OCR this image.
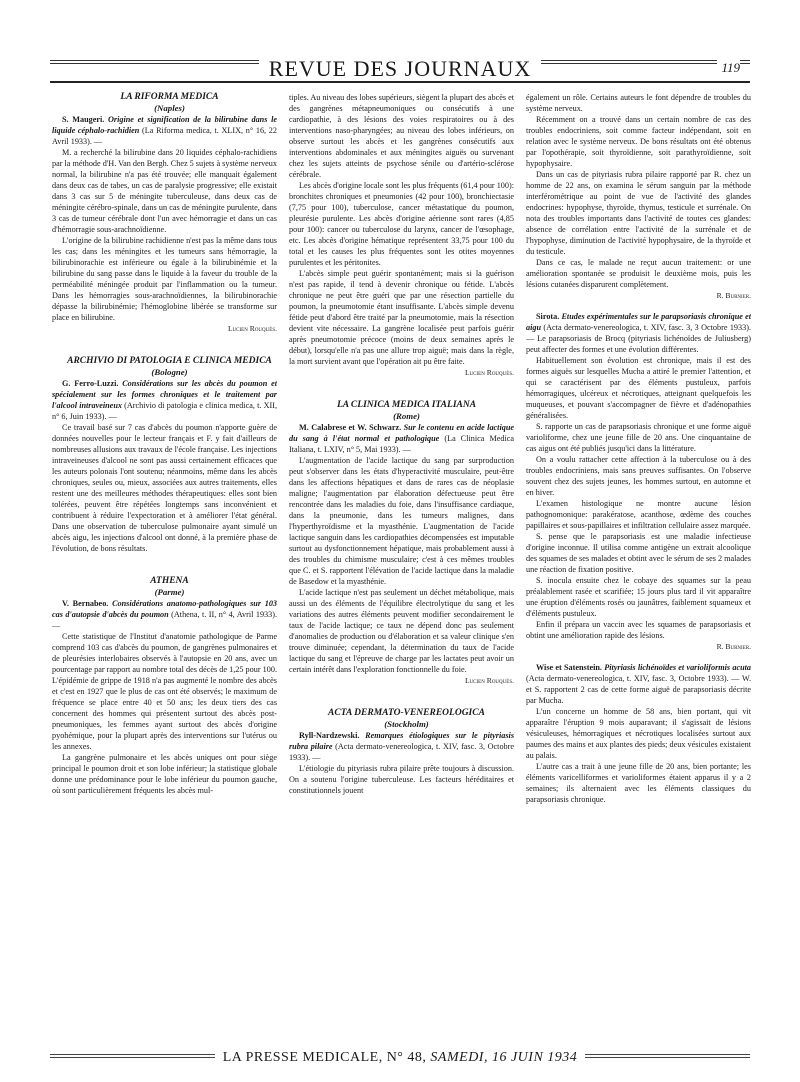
REVUE DES JOURNAUX	119

LA RIFORMA MEDICA

(Naples)

S. Maugeri. Origine et signification de la bilirubine dans le liquide céphalo-rachidien (La Riforma medica, t. XLIX, n° 16, 22 Avril 1933). —

M. a recherché la bilirubine dans 20 liquides céphalo-rachidiens par la méthode d'H. Van den Bergh. Chez 5 sujets à système nerveux normal, la bilirubine n'a pas été trouvée; elle manquait également dans deux cas de tabes, un cas de paralysie progressive; elle existait dans 3 cas sur 5 de méningite tuberculeuse, dans deux cas de méningite cérébro-spinale, dans un cas de méningite purulente, dans 3 cas de tumeur cérébrale dont l'un avec hémorragie et dans un cas d'hémorragie sous-arachnoïdienne.

L'origine de la bilirubine rachidienne n'est pas la même dans tous les cas; dans les méningites et les tumeurs sans hémorragie, la bilirubinorachie est inférieure ou égale à la bilirubinémie et la bilirubine du sang passe dans le liquide à la faveur du trouble de la perméabilité méningée produit par l'inflammation ou la tumeur. Dans les hémorragies sous-arachnoïdiennes, la bilirubinorachie dépasse la bilirubinémie; l'hémoglobine libérée se transforme sur place en bilirubine.

Lucien Rouquès.

ARCHIVIO DI PATOLOGIA E CLINICA MEDICA

(Bologne)

G. Ferro-Luzzi. Considérations sur les abcès du poumon et spécialement sur les formes chroniques et le traitement par l'alcool intraveineux (Archivio di patologia e clinica medica, t. XII, n° 6, Juin 1933). —

Ce travail basé sur 7 cas d'abcès du poumon n'apporte guère de données nouvelles pour le lecteur français et F. y fait d'ailleurs de nombreuses allusions aux travaux de l'école française. Les injections intraveineuses d'alcool ne sont pas aussi certainement efficaces que les auteurs polonais l'ont soutenu; néanmoins, même dans les abcès chroniques, seules ou, mieux, associées aux autres traitements, elles restent une des meilleures méthodes thérapeutiques: elles sont bien tolérées, peuvent être répétées longtemps sans inconvénient et contribuent à réduire l'expectoration et à améliorer l'état général. Dans une observation de tuberculose pulmonaire ayant simulé un abcès aigu, les injections d'alcool ont donné, à la première phase de l'évolution, de bons résultats.

ATHENA

(Parme)

V. Bernabeo. Considérations anatomo-pathologiques sur 103 cas d'autopsie d'abcès du poumon (Athena, t. II, n° 4, Avril 1933). —

Cette statistique de l'Institut d'anatomie pathologique de Parme comprend 103 cas d'abcès du poumon, de gangrènes pulmonaires et de pleurésies interlobaires observés à l'autopsie en 20 ans, avec un pourcentage par rapport au nombre total des décès de 1,25 pour 100. L'épidémie de grippe de 1918 n'a pas augmenté le nombre des abcès et c'est en 1927 que le plus de cas ont été observés; le maximum de fréquence se place entre 40 et 50 ans; les deux tiers des cas concernent des hommes qui présentent surtout des abcès post-pneumoniques, les femmes ayant surtout des abcès d'origine pyohémique, pour la plupart après des interventions sur l'utérus ou les annexes.

La gangrène pulmonaire et les abcès uniques ont pour siège principal le poumon droit et son lobe inférieur; la statistique globale donne une prédominance pour le lobe inférieur du poumon gauche, où sont particulièrement fréquents les abcès mul-

tiples. Au niveau des lobes supérieurs, siègent la plupart des abcès et des gangrènes métapneumoniques ou consécutifs à une cardiopathie, à des lésions des voies respiratoires ou à des interventions naso-pharyngées; au niveau des lobes inférieurs, on observe surtout les abcès et les gangrènes consécutifs aux interventions abdominales et aux méningites aiguës ou survenant chez les sujets atteints de psychose sénile ou d'artério-sclérose cérébrale.

Les abcès d'origine locale sont les plus fréquents (61,4 pour 100): bronchites chroniques et pneumonies (42 pour 100), bronchiectasie (7,75 pour 100), tuberculose, cancer métastatique du poumon, pleurésie purulente. Les abcès d'origine aérienne sont rares (4,85 pour 100): cancer ou tuberculose du larynx, cancer de l'œsophage, etc. Les abcès d'origine hématique représentent 33,75 pour 100 du total et les causes les plus fréquentes sont les otites moyennes purulentes et les péritonites.

L'abcès simple peut guérir spontanément; mais si la guérison n'est pas rapide, il tend à devenir chronique ou fétide. L'abcès chronique ne peut être guéri que par une résection partielle du poumon, la pneumotomie étant insuffisante. L'abcès simple devenu fétide peut d'abord être traité par la pneumotomie, mais la résection devient vite nécessaire. La gangrène localisée peut parfois guérir après pneumotomie précoce (moins de deux semaines après le début), lorsqu'elle n'a pas une allure trop aiguë; mais dans la règle, la mort survient avant que l'opération ait pu être faite.

Lucien Rouquès.

LA CLINICA MEDICA ITALIANA

(Rome)

M. Calabrese et W. Schwarz. Sur le contenu en acide lactique du sang à l'état normal et pathologique (La Clinica Medica Italiana, t. LXIV, n° 5, Mai 1933). —

L'augmentation de l'acide lactique du sang par surproduction peut s'observer dans les états d'hyperactivité musculaire, peut-être dans les affections hépatiques et dans de rares cas de néoplasie maligne; l'augmentation par élaboration défectueuse peut être rencontrée dans les maladies du foie, dans l'insuffisance cardiaque, dans la pneumonie, dans les tumeurs malignes, dans l'hyperthyroïdisme et la myasthénie. L'augmentation de l'acide lactique sanguin dans les cardiopathies décompensées est imputable surtout au dysfonctionnement hépatique, mais probablement aussi à des troubles du chimisme musculaire; c'est à ces mêmes troubles que C. et S. rapportent l'élévation de l'acide lactique dans la maladie de Basedow et la myasthénie.

L'acide lactique n'est pas seulement un déchet métabolique, mais aussi un des éléments de l'équilibre électrolytique du sang et les variations des autres éléments peuvent modifier secondairement le taux de l'acide lactique; ce taux ne dépend donc pas seulement d'anomalies de production ou d'élaboration et sa valeur clinique s'en trouve diminuée; cependant, la détermination du taux de l'acide lactique du sang et l'épreuve de charge par les lactates peut avoir un certain intérêt dans l'exploration fonctionnelle du foie.

Lucien Rouquès.

ACTA DERMATO-VENEREOLOGICA

(Stockholm)

Ryll-Nardzewski. Remarques étiologiques sur le pityriasis rubra pilaire (Acta dermato-venereologica, t. XIV, fasc. 3, Octobre 1933). —

L'étiologie du pityriasis rubra pilaire prête toujours à discussion. On a soutenu l'origine tuberculeuse. Les facteurs héréditaires et constitutionnels jouent

également un rôle. Certains auteurs le font dépendre de troubles du système nerveux.

Récemment on a trouvé dans un certain nombre de cas des troubles endocriniens, soit comme facteur indépendant, soit en relation avec le système nerveux. De bons résultats ont été obtenus par l'opothérapie, soit thyroïdienne, soit parathyroïdienne, soit hypophysaire.

Dans un cas de pityriasis rubra pilaire rapporté par R. chez un homme de 22 ans, on examina le sérum sanguin par la méthode interférométrique au point de vue de l'activité des glandes endocrines: hypophyse, thyroïde, thymus, testicule et surrénale. On nota des troubles importants dans l'activité de toutes ces glandes: absence de corrélation entre l'activité de la surrénale et de l'hypophyse, diminution de l'activité hypophysaire, de la thyroïde et du testicule.

Dans ce cas, le malade ne reçut aucun traitement: or une amélioration spontanée se produisit le deuxième mois, puis les lésions cutanées disparurent complètement.

R. Burnier.

Sirota. Etudes expérimentales sur le parapsoriasis chronique et aigu (Acta dermato-venereologica, t. XIV, fasc. 3, 3 Octobre 1933). — Le parapsoriasis de Brocq (pityriasis lichénoïdes de Juliusberg) peut affecter des formes et une évolution différentes.

Habituellement son évolution est chronique, mais il est des formes aiguës sur lesquelles Mucha a attiré le premier l'attention, et qui se caractérisent par des éléments pustuleux, parfois hémorragiques, ulcéreux et nécrotiques, atteignant quelquefois les muqueuses, et pouvant s'accompagner de fièvre et d'adénopathies généralisées.

S. rapporte un cas de parapsoriasis chronique et une forme aiguë varioliforme, chez une jeune fille de 20 ans. Une cinquantaine de cas aigus ont été publiés jusqu'ici dans la littérature.

On a voulu rattacher cette affection à la tuberculose ou à des troubles endocriniens, mais sans preuves suffisantes. On l'observe souvent chez des sujets jeunes, les hommes surtout, en automne et en hiver.

L'examen histologique ne montre aucune lésion pathognomonique: parakératose, acanthose, œdème des couches papillaires et sous-papillaires et infiltration cellulaire assez marquée.

S. pense que le parapsoriasis est une maladie infectieuse d'origine inconnue. Il utilisa comme antigène un extrait alcoolique des squames de ses malades et obtint avec le sérum de ses 2 malades une réaction de fixation positive.

S. inocula ensuite chez le cobaye des squames sur la peau préalablement rasée et scarifiée; 15 jours plus tard il vit apparaître une éruption d'éléments rosés ou jaunâtres, faiblement squameux et d'éléments pustuleux.

Enfin il prépara un vaccin avec les squames de parapsoriasis et obtint une amélioration rapide des lésions.

R. Burnier.

Wise et Satenstein. Pityriasis lichénoïdes et varioliformis acuta (Acta dermato-venereologica, t. XIV, fasc. 3, Octobre 1933). — W. et S. rapportent 2 cas de cette forme aiguë de parapsoriasis décrite par Mucha.

L'un concerne un homme de 58 ans, bien portant, qui vit apparaître l'éruption 9 mois auparavant; il s'agissait de lésions vésiculeuses, hémorragiques et nécrotiques localisées surtout aux paumes des mains et aux plantes des pieds; deux vésicules existaient au palais.

L'autre cas a trait à une jeune fille de 20 ans, bien portante; les éléments varicelliformes et varioliformes étaient apparus il y a 2 semaines; ils alternaient avec les éléments classiques du parapsoriasis chronique.

LA PRESSE MEDICALE, N° 48, SAMEDI, 16 JUIN 1934
